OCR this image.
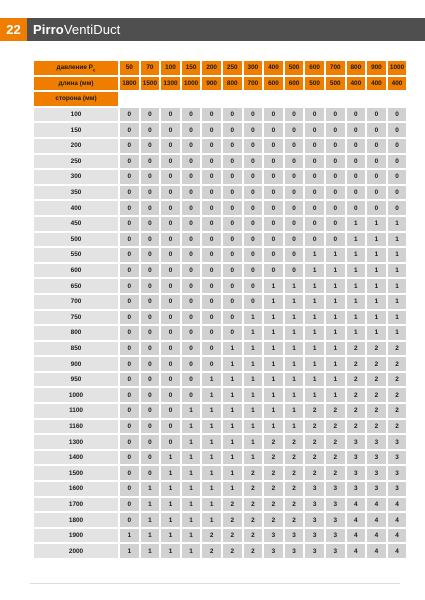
22 PirroVentiDuct
давление $P_c$	50	70	100	150	200	250	300	400	500	600	700	800	900	1000
длина (мм)	1800	1500	1300	1000	900	800	700	600	600	500	500	400	400	400
сторона (мм)														
100	0	0	0	0	0	0	0	0	0	0	0	0	0	0
150	0	0	0	0	0	0	0	0	0	0	0	0	0	0
200	0	0	0	0	0	0	0	0	0	0	0	0	0	0
250	0	0	0	0	0	0	0	0	0	0	0	0	0	0
300	0	0	0	0	0	0	0	0	0	0	0	0	0	0
350	0	0	0	0	0	0	0	0	0	0	0	0	0	0
400	0	0	0	0	0	0	0	0	0	0	0	0	0	0
450	0	0	0	0	0	0	0	0	0	0	0	1	1	1
500	0	0	0	0	0	0	0	0	0	0	0	1	1	1
550	0	0	0	0	0	0	0	0	0	1	1	1	1	1
600	0	0	0	0	0	0	0	0	0	1	1	1	1	1
650	0	0	0	0	0	0	0	1	1	1	1	1	1	1
700	0	0	0	0	0	0	0	1	1	1	1	1	1	1
750	0	0	0	0	0	0	1	1	1	1	1	1	1	1
800	0	0	0	0	0	0	1	1	1	1	1	1	1	1
850	0	0	0	0	0	1	1	1	1	1	1	2	2	2
900	0	0	0	0	0	1	1	1	1	1	1	2	2	2
950	0	0	0	0	1	1	1	1	1	1	1	2	2	2
1000	0	0	0	0	1	1	1	1	1	1	1	2	2	2
1100	0	0	0	1	1	1	1	1	1	2	2	2	2	2
1160	0	0	0	1	1	1	1	1	1	2	2	2	2	2
1300	0	0	0	1	1	1	1	2	2	2	2	3	3	3
1400	0	0	1	1	1	1	1	2	2	2	2	3	3	3
1500	0	0	1	1	1	1	2	2	2	2	2	3	3	3
1600	0	1	1	1	1	1	2	2	2	3	3	3	3	3
1700	0	1	1	1	1	2	2	2	2	3	3	4	4	4
1800	0	1	1	1	1	2	2	2	2	3	3	4	4	4
1900	1	1	1	1	2	2	2	3	3	3	3	4	4	4
2000	1	1	1	1	2	2	2	3	3	3	3	4	4	4
